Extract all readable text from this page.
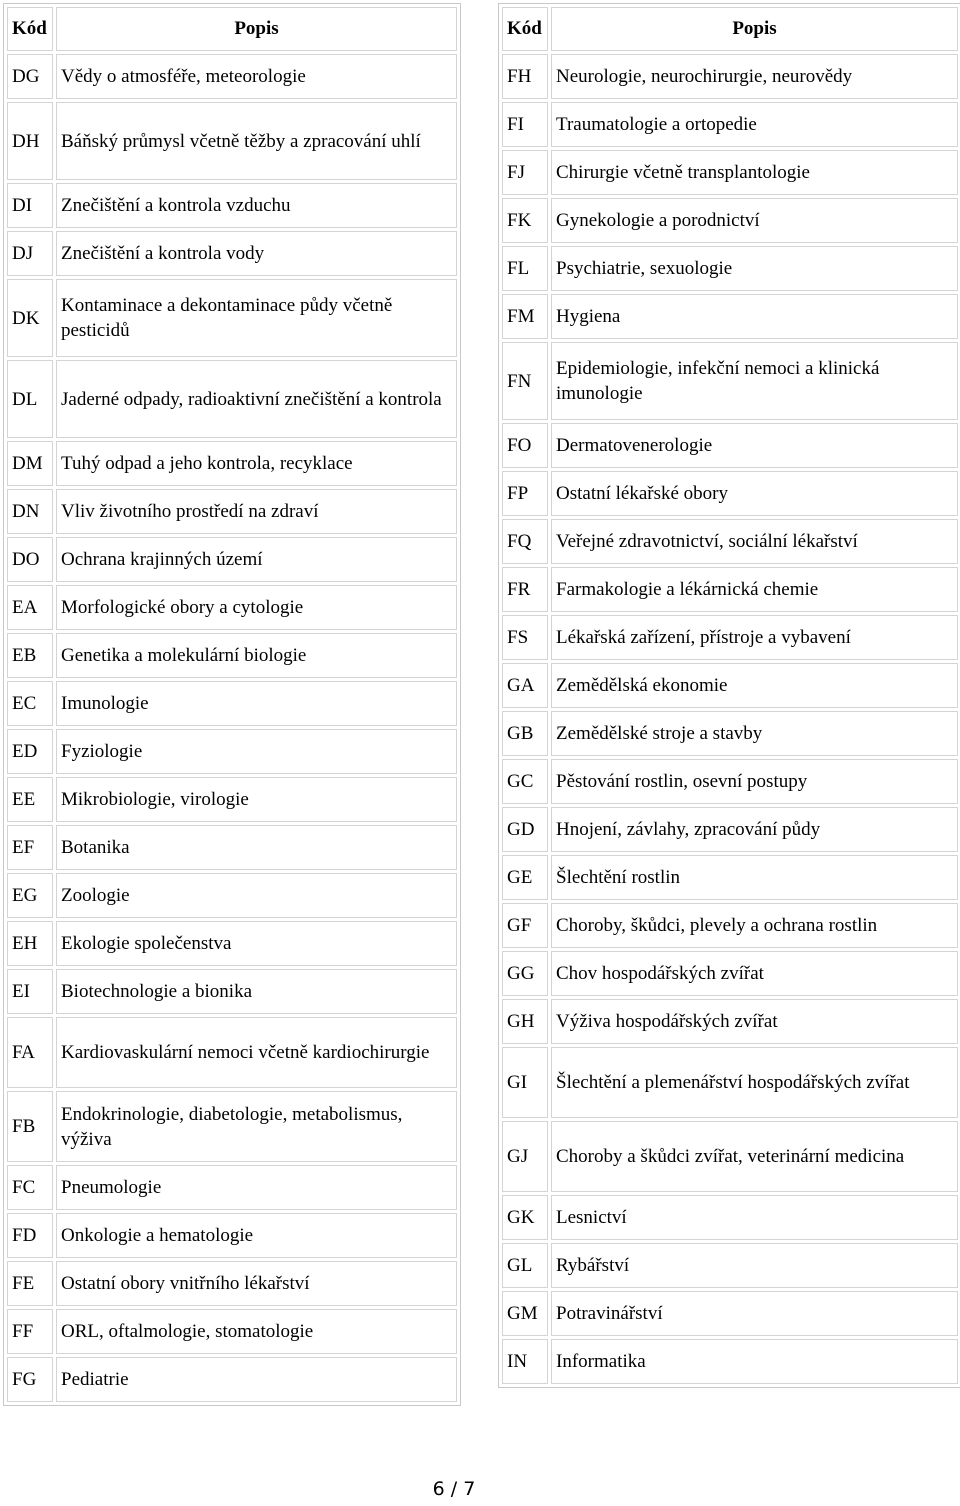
Kód	Popis
DG	Vědy o atmosféře, meteorologie
DH	Báňský průmysl včetně těžby a zpracování uhlí
DI	Znečištění a kontrola vzduchu
DJ	Znečištění a kontrola vody
DK	Kontaminace a dekontaminace půdy včetně pesticidů
DL	Jaderné odpady, radioaktivní znečištění a kontrola
DM	Tuhý odpad a jeho kontrola, recyklace
DN	Vliv životního prostředí na zdraví
DO	Ochrana krajinných území
EA	Morfologické obory a cytologie
EB	Genetika a molekulární biologie
EC	Imunologie
ED	Fyziologie
EE	Mikrobiologie, virologie
EF	Botanika
EG	Zoologie
EH	Ekologie společenstva
EI	Biotechnologie a bionika
FA	Kardiovaskulární nemoci včetně kardiochirurgie
FB	Endokrinologie, diabetologie, metabolismus, výživa
FC	Pneumologie
FD	Onkologie a hematologie
FE	Ostatní obory vnitřního lékařství
FF	ORL, oftalmologie, stomatologie
FG	Pediatrie
Kód	Popis
FH	Neurologie, neurochirurgie, neurovědy
FI	Traumatologie a ortopedie
FJ	Chirurgie včetně transplantologie
FK	Gynekologie a porodnictví
FL	Psychiatrie, sexuologie
FM	Hygiena
FN	Epidemiologie, infekční nemoci a klinická imunologie
FO	Dermatovenerologie
FP	Ostatní lékařské obory
FQ	Veřejné zdravotnictví, sociální lékařství
FR	Farmakologie a lékárnická chemie
FS	Lékařská zařízení, přístroje a vybavení
GA	Zemědělská ekonomie
GB	Zemědělské stroje a stavby
GC	Pěstování rostlin, osevní postupy
GD	Hnojení, závlahy, zpracování půdy
GE	Šlechtění rostlin
GF	Choroby, škůdci, plevely a ochrana rostlin
GG	Chov hospodářských zvířat
GH	Výživa hospodářských zvířat
GI	Šlechtění a plemenářství hospodářských zvířat
GJ	Choroby a škůdci zvířat, veterinární medicina
GK	Lesnictví
GL	Rybářství
GM	Potravinářství
IN	Informatika
6 / 7
